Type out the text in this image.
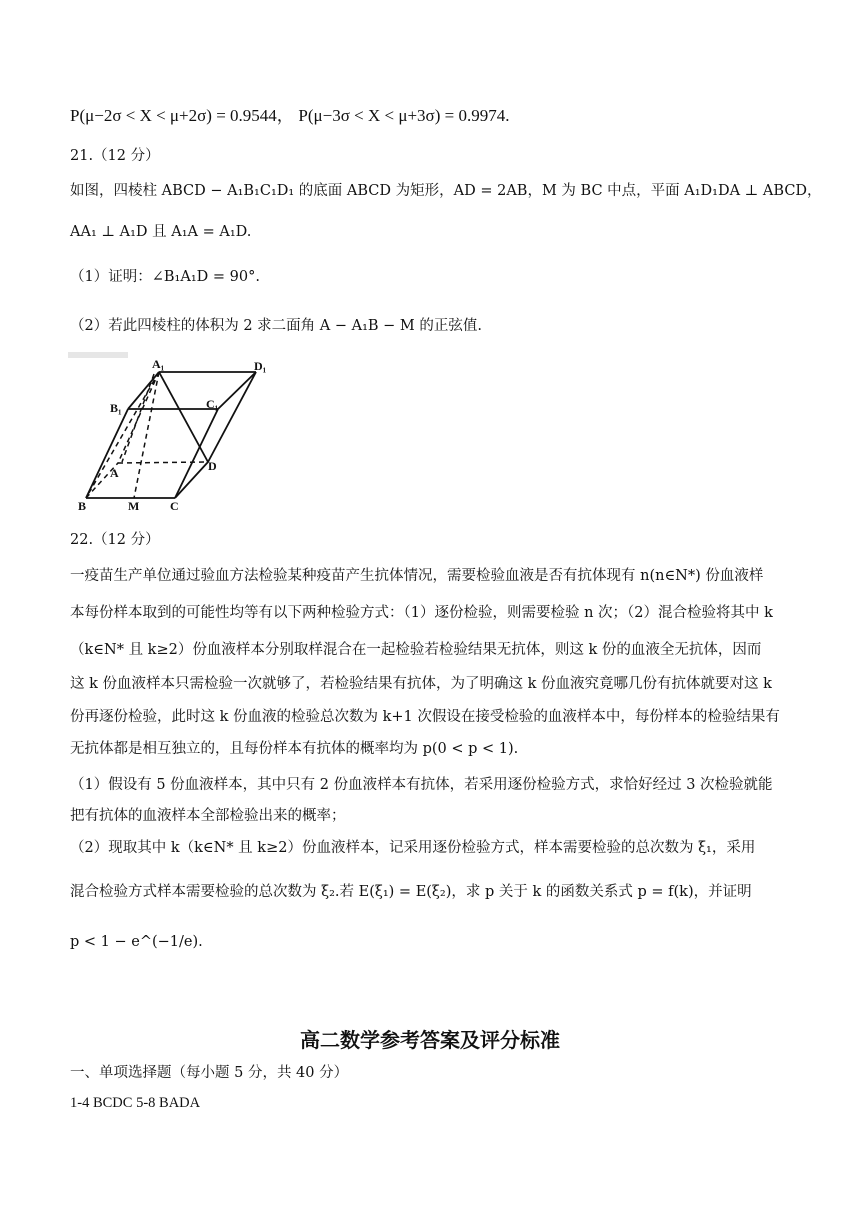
P(μ−2σ < X < μ+2σ) = 0.9544， P(μ−3σ < X < μ+3σ) = 0.9974.
21.（12 分）
如图，四棱柱 ABCD − A₁B₁C₁D₁ 的底面 ABCD 为矩形，AD = 2AB，M 为 BC 中点，平面 A₁D₁DA ⊥ ABCD，
AA₁ ⊥ A₁D 且 A₁A = A₁D.
（1）证明：∠B₁A₁D = 90°.
（2）若此四棱柱的体积为 2 求二面角 A − A₁B − M 的正弦值.
A₁	D₁
B₁	C₁
D
A
B	M	C
22.（12 分）
一疫苗生产单位通过验血方法检验某种疫苗产生抗体情况，需要检验血液是否有抗体现有 n(n∈N*) 份血液样
本每份样本取到的可能性均等有以下两种检验方式：（1）逐份检验，则需要检验 n 次；（2）混合检验将其中 k
（k∈N* 且 k≥2）份血液样本分别取样混合在一起检验若检验结果无抗体，则这 k 份的血液全无抗体，因而
这 k 份血液样本只需检验一次就够了，若检验结果有抗体，为了明确这 k 份血液究竟哪几份有抗体就要对这 k
份再逐份检验，此时这 k 份血液的检验总次数为 k+1 次假设在接受检验的血液样本中，每份样本的检验结果有
无抗体都是相互独立的，且每份样本有抗体的概率均为 p(0 < p < 1).
（1）假设有 5 份血液样本，其中只有 2 份血液样本有抗体，若采用逐份检验方式，求恰好经过 3 次检验就能
把有抗体的血液样本全部检验出来的概率；
（2）现取其中 k（k∈N* 且 k≥2）份血液样本，记采用逐份检验方式，样本需要检验的总次数为 ξ₁，采用
混合检验方式样本需要检验的总次数为 ξ₂.若 E(ξ₁) = E(ξ₂)，求 p 关于 k 的函数关系式 p = f(k)，并证明
p < 1 − e^(−1/e).
高二数学参考答案及评分标准
一、单项选择题（每小题 5 分，共 40 分）
1-4 BCDC 5-8 BADA
